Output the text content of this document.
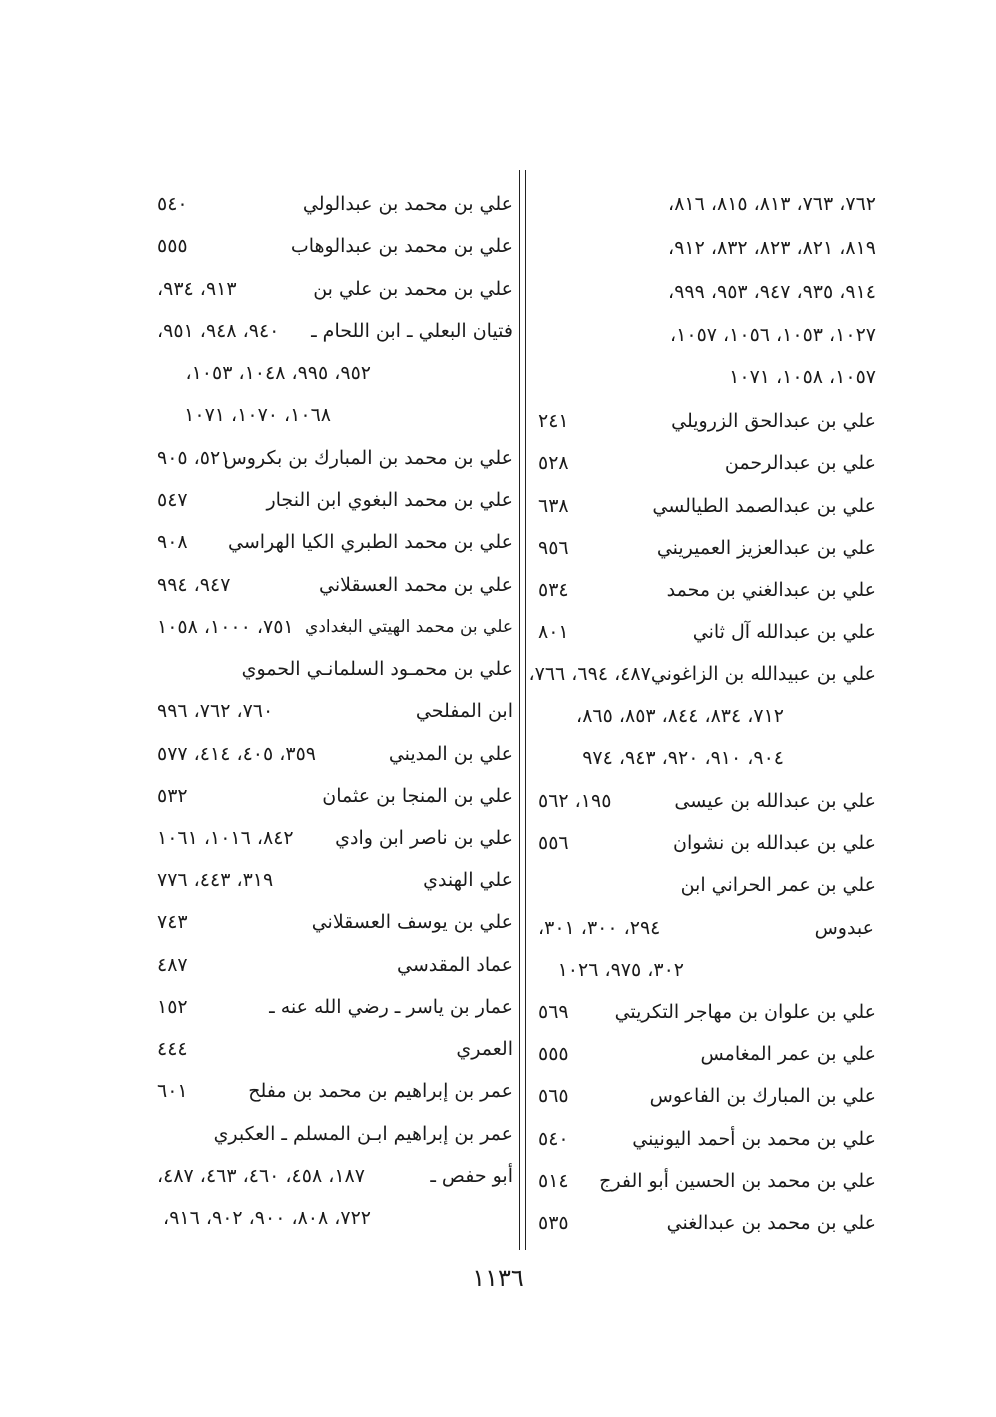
٧٦٢، ٧٦٣، ٨١٣، ٨١٥، ٨١٦،
٨١٩، ٨٢١، ٨٢٣، ٨٣٢، ٩١٢،
٩١٤، ٩٣٥، ٩٤٧، ٩٥٣، ٩٩٩،
١٠٢٧، ١٠٥٣، ١٠٥٦، ١٠٥٧،
١٠٥٧، ١٠٥٨، ١٠٧١
علي بن عبدالحق الزرويلي
٢٤١
علي بن عبدالرحمن
٥٢٨
علي بن عبدالصمد الطيالسي
٦٣٨
علي بن عبدالعزيز العميريني
٩٥٦
علي بن عبدالغني بن محمد
٥٣٤
علي بن عبدالله آل ثاني
٨٠١
علي بن عبيدالله بن الزاغوني٤٨٧، ٦٩٤، ٧٦٦،
٧١٢، ٨٣٤، ٨٤٤، ٨٥٣، ٨٦٥،
٩٠٤، ٩١٠، ٩٢٠، ٩٤٣، ٩٧٤
علي بن عبدالله بن عيسى
١٩٥، ٥٦٢
علي بن عبدالله بن نشوان
٥٥٦
علي بن عمر الحراني ابن
عبدوس
٢٩٤، ٣٠٠، ٣٠١،
٣٠٢، ٩٧٥، ١٠٢٦
علي بن علوان بن مهاجر التكريتي
٥٦٩
علي بن عمر المغامس
٥٥٥
علي بن المبارك بن الفاعوس
٥٦٥
علي بن محمد بن أحمد اليونيني
٥٤٠
علي بن محمد بن الحسين أبو الفرج
٥١٤
علي بن محمد بن عبدالغني
٥٣٥
علي بن محمد بن عبدالولي
٥٤٠
علي بن محمد بن عبدالوهاب
٥٥٥
علي بن محمد بن علي بن
٩١٣، ٩٣٤،
فتيان البعلي ـ ابن اللحام ـ
٩٤٠، ٩٤٨، ٩٥١،
٩٥٢، ٩٩٥، ١٠٤٨، ١٠٥٣،
١٠٦٨، ١٠٧٠، ١٠٧١
علي بن محمد بن المبارك بن بكروس
٥٢١، ٩٠٥
علي بن محمد البغوي ابن النجار
٥٤٧
علي بن محمد الطبري الكيا الهراسي
٩٠٨
علي بن محمد العسقلاني
٩٤٧، ٩٩٤
علي بن محمد الهيتي البغدادي
٧٥١، ١٠٠٠، ١٠٥٨
علي بن محمـود السلمانـي الحموي
ابن المفلحي
٧٦٠، ٧٦٢، ٩٩٦
علي بن المديني
٣٥٩، ٤٠٥، ٤١٤، ٥٧٧
علي بن المنجا بن عثمان
٥٣٢
علي بن ناصر ابن وادي
٨٤٢، ١٠١٦، ١٠٦١
علي الهندي
٣١٩، ٤٤٣، ٧٧٦
علي بن يوسف العسقلاني
٧٤٣
عماد المقدسي
٤٨٧
عمار بن ياسر ـ رضي الله عنه ـ
١٥٢
العمري
٤٤٤
عمر بن إبراهيم بن محمد بن مفلح
٦٠١
عمر بن إبراهيم ابـن المسلم ـ العكبري
أبو حفص ـ
١٨٧، ٤٥٨، ٤٦٠، ٤٦٣، ٤٨٧،
٧٢٢، ٨٠٨، ٩٠٠، ٩٠٢، ٩١٦،
١١٣٦
